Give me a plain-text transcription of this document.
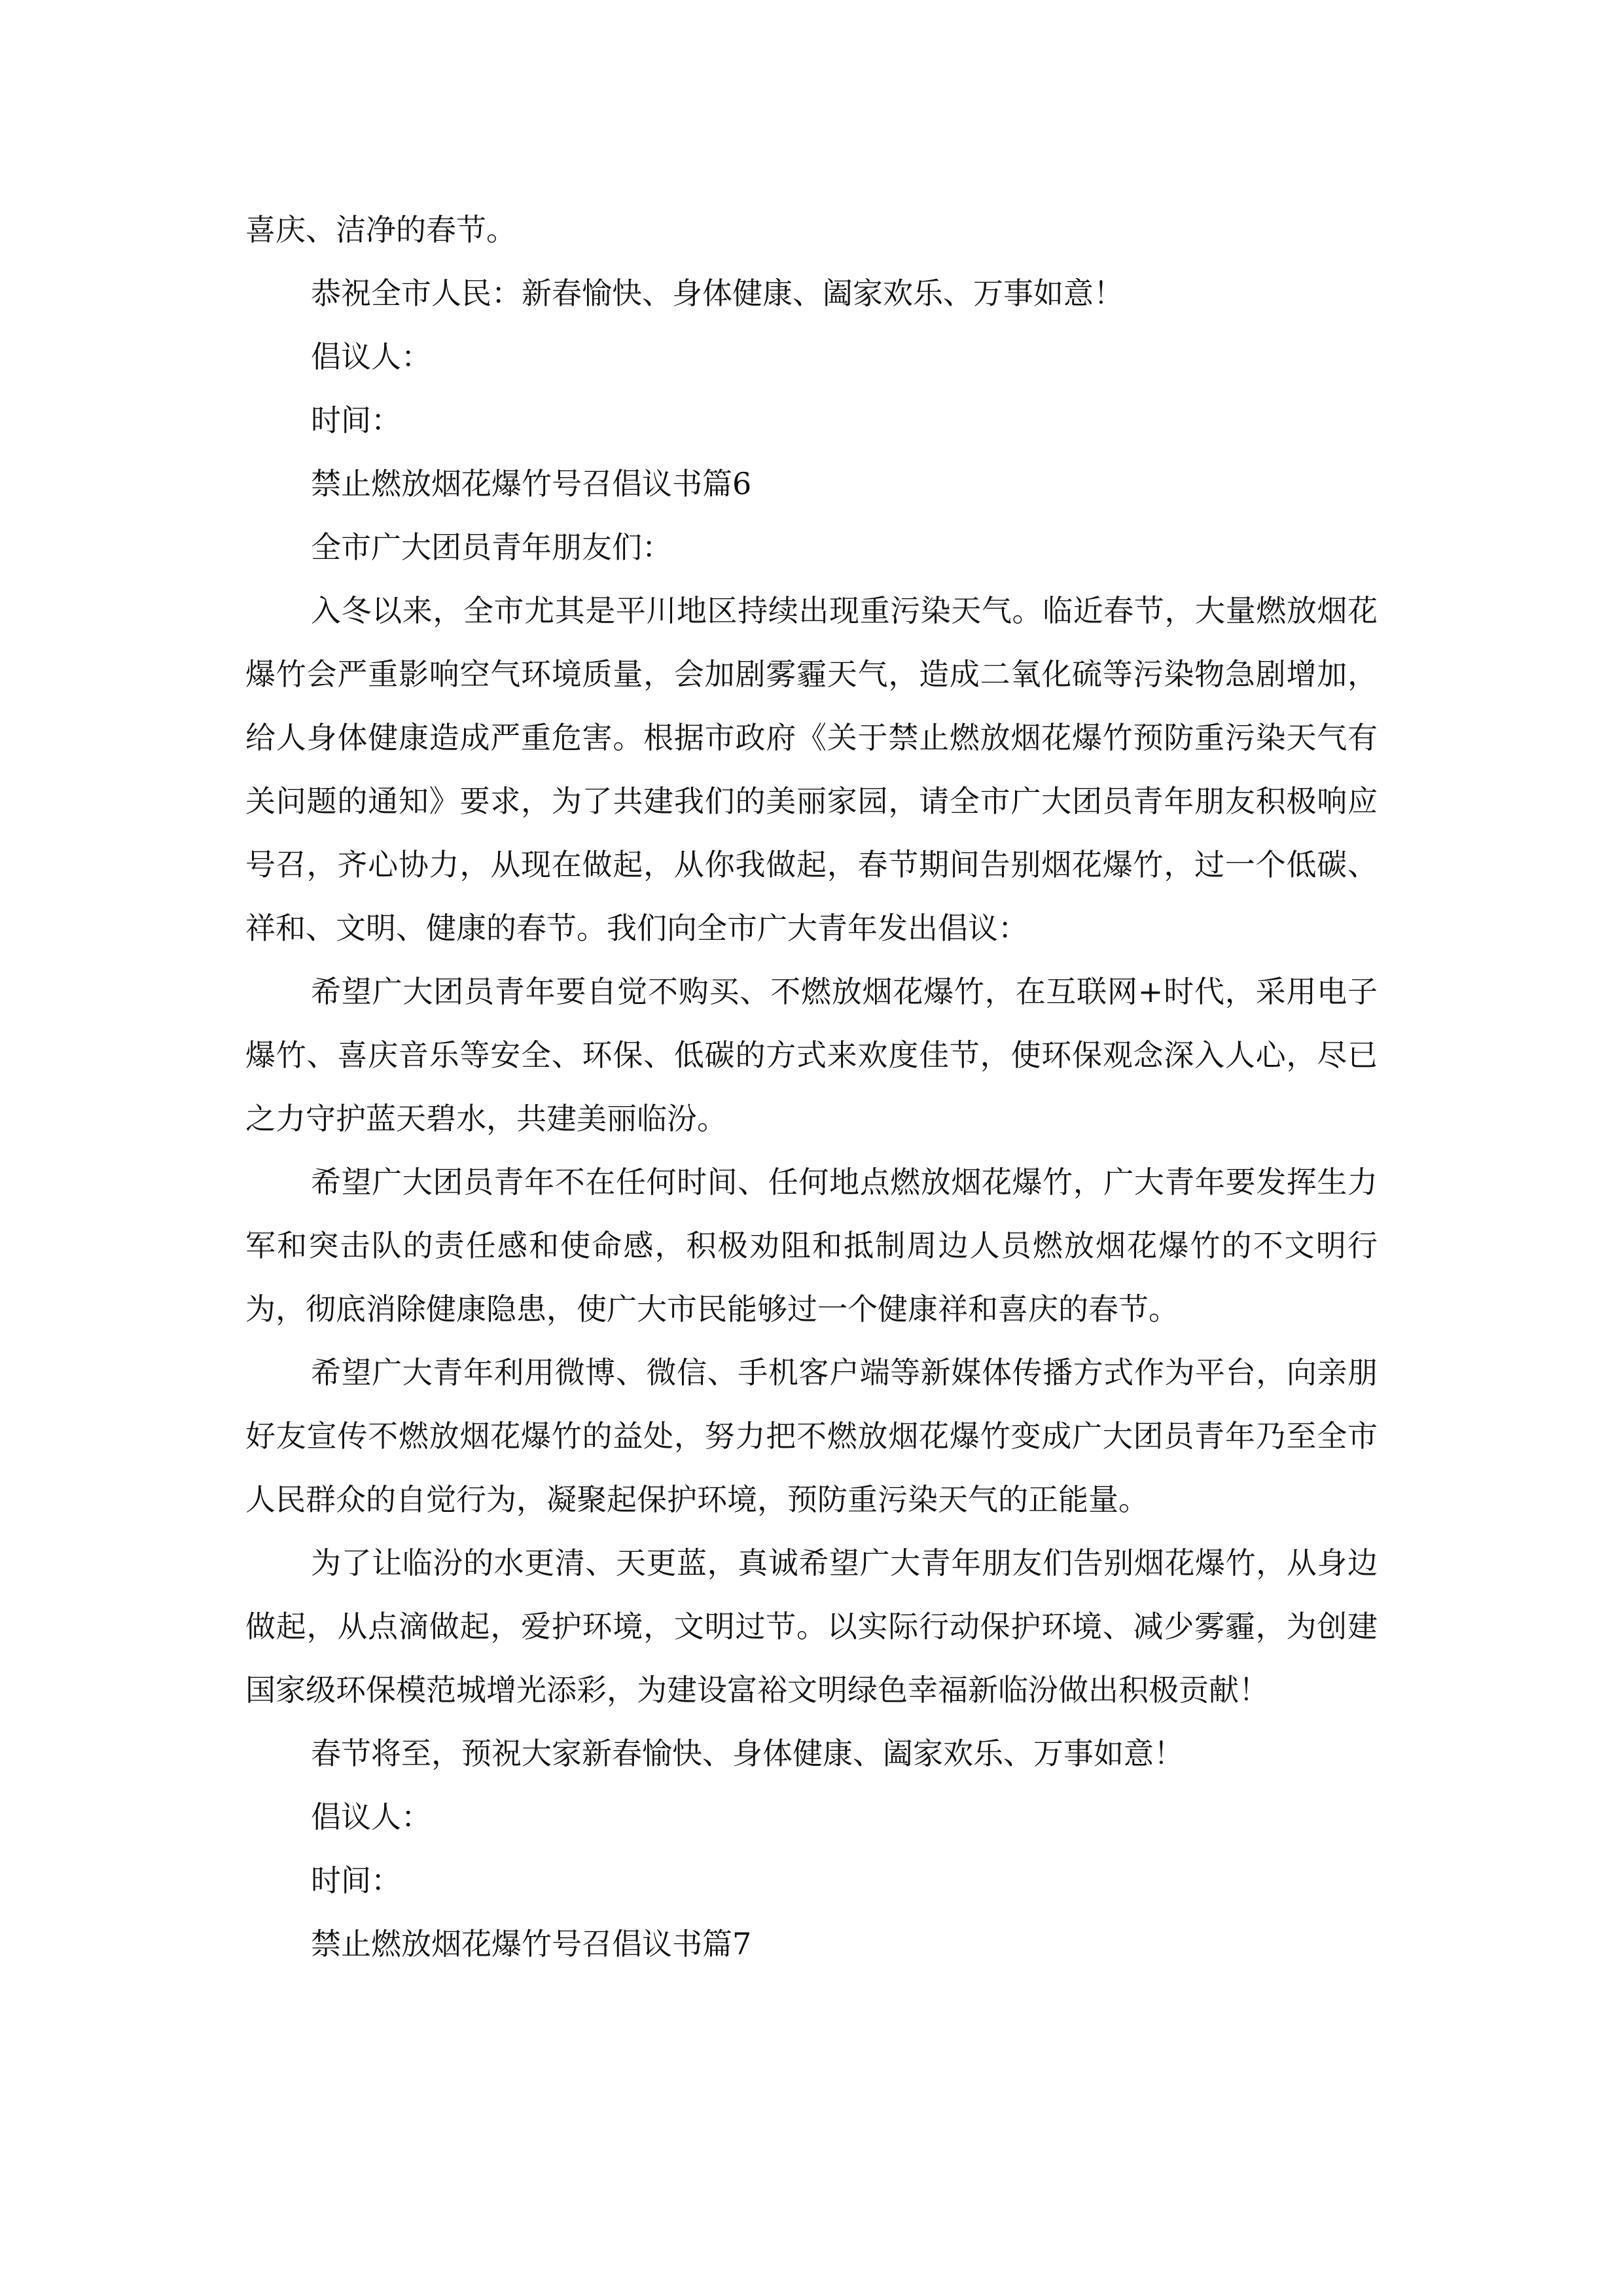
喜庆、洁净的春节。

恭祝全市人民：新春愉快、身体健康、阖家欢乐、万事如意！

倡议人：

时间：

禁止燃放烟花爆竹号召倡议书篇6

全市广大团员青年朋友们：

入冬以来，全市尤其是平川地区持续出现重污染天气。临近春节，大量燃放烟花爆竹会严重影响空气环境质量，会加剧雾霾天气，造成二氧化硫等污染物急剧增加，给人身体健康造成严重危害。根据市政府《关于禁止燃放烟花爆竹预防重污染天气有关问题的通知》要求，为了共建我们的美丽家园，请全市广大团员青年朋友积极响应号召，齐心协力，从现在做起，从你我做起，春节期间告别烟花爆竹，过一个低碳、祥和、文明、健康的春节。我们向全市广大青年发出倡议：

希望广大团员青年要自觉不购买、不燃放烟花爆竹，在互联网+时代，采用电子爆竹、喜庆音乐等安全、环保、低碳的方式来欢度佳节，使环保观念深入人心，尽已之力守护蓝天碧水，共建美丽临汾。

希望广大团员青年不在任何时间、任何地点燃放烟花爆竹，广大青年要发挥生力军和突击队的责任感和使命感，积极劝阻和抵制周边人员燃放烟花爆竹的不文明行为，彻底消除健康隐患，使广大市民能够过一个健康祥和喜庆的春节。

希望广大青年利用微博、微信、手机客户端等新媒体传播方式作为平台，向亲朋好友宣传不燃放烟花爆竹的益处，努力把不燃放烟花爆竹变成广大团员青年乃至全市人民群众的自觉行为，凝聚起保护环境，预防重污染天气的正能量。

为了让临汾的水更清、天更蓝，真诚希望广大青年朋友们告别烟花爆竹，从身边做起，从点滴做起，爱护环境，文明过节。以实际行动保护环境、减少雾霾，为创建国家级环保模范城增光添彩，为建设富裕文明绿色幸福新临汾做出积极贡献！

春节将至，预祝大家新春愉快、身体健康、阖家欢乐、万事如意！

倡议人：

时间：

禁止燃放烟花爆竹号召倡议书篇7
